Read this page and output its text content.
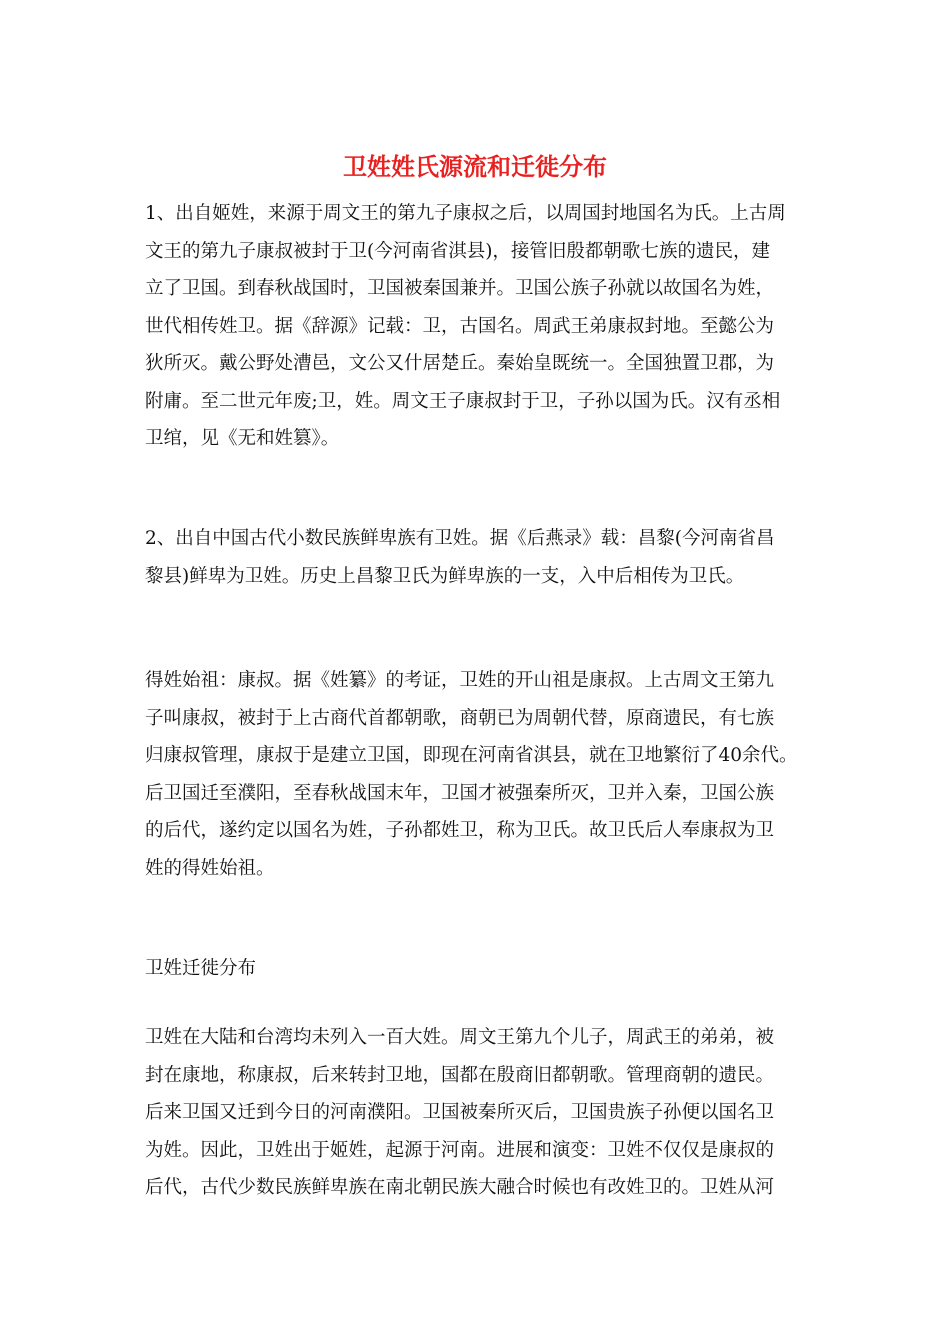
卫姓姓氏源流和迁徙分布

1、出自姬姓，来源于周文王的第九子康叔之后，以周国封地国名为氏。上古周
文王的第九子康叔被封于卫(今河南省淇县)，接管旧殷都朝歌七族的遗民，建
立了卫国。到春秋战国时，卫国被秦国兼并。卫国公族子孙就以故国名为姓，
世代相传姓卫。据《辞源》记载：卫，古国名。周武王弟康叔封地。至懿公为
狄所灭。戴公野处漕邑，文公又什居楚丘。秦始皇既统一。全国独置卫郡，为
附庸。至二世元年废;卫，姓。周文王子康叔封于卫，子孙以国为氏。汉有丞相
卫绾，见《无和姓篡》。

2、出自中国古代小数民族鲜卑族有卫姓。据《后燕录》载：昌黎(今河南省昌
黎县)鲜卑为卫姓。历史上昌黎卫氏为鲜卑族的一支，入中后相传为卫氏。

得姓始祖：康叔。据《姓纂》的考证，卫姓的开山祖是康叔。上古周文王第九
子叫康叔，被封于上古商代首都朝歌，商朝已为周朝代替，原商遗民，有七族
归康叔管理，康叔于是建立卫国，即现在河南省淇县，就在卫地繁衍了40余代。
后卫国迁至濮阳，至春秋战国末年，卫国才被强秦所灭，卫并入秦，卫国公族
的后代，遂约定以国名为姓，子孙都姓卫，称为卫氏。故卫氏后人奉康叔为卫
姓的得姓始祖。

卫姓迁徙分布

卫姓在大陆和台湾均未列入一百大姓。周文王第九个儿子，周武王的弟弟，被
封在康地，称康叔，后来转封卫地，国都在殷商旧都朝歌。管理商朝的遗民。
后来卫国又迁到今日的河南濮阳。卫国被秦所灭后，卫国贵族子孙便以国名卫
为姓。因此，卫姓出于姬姓，起源于河南。进展和演变：卫姓不仅仅是康叔的
后代，古代少数民族鲜卑族在南北朝民族大融合时候也有改姓卫的。卫姓从河
